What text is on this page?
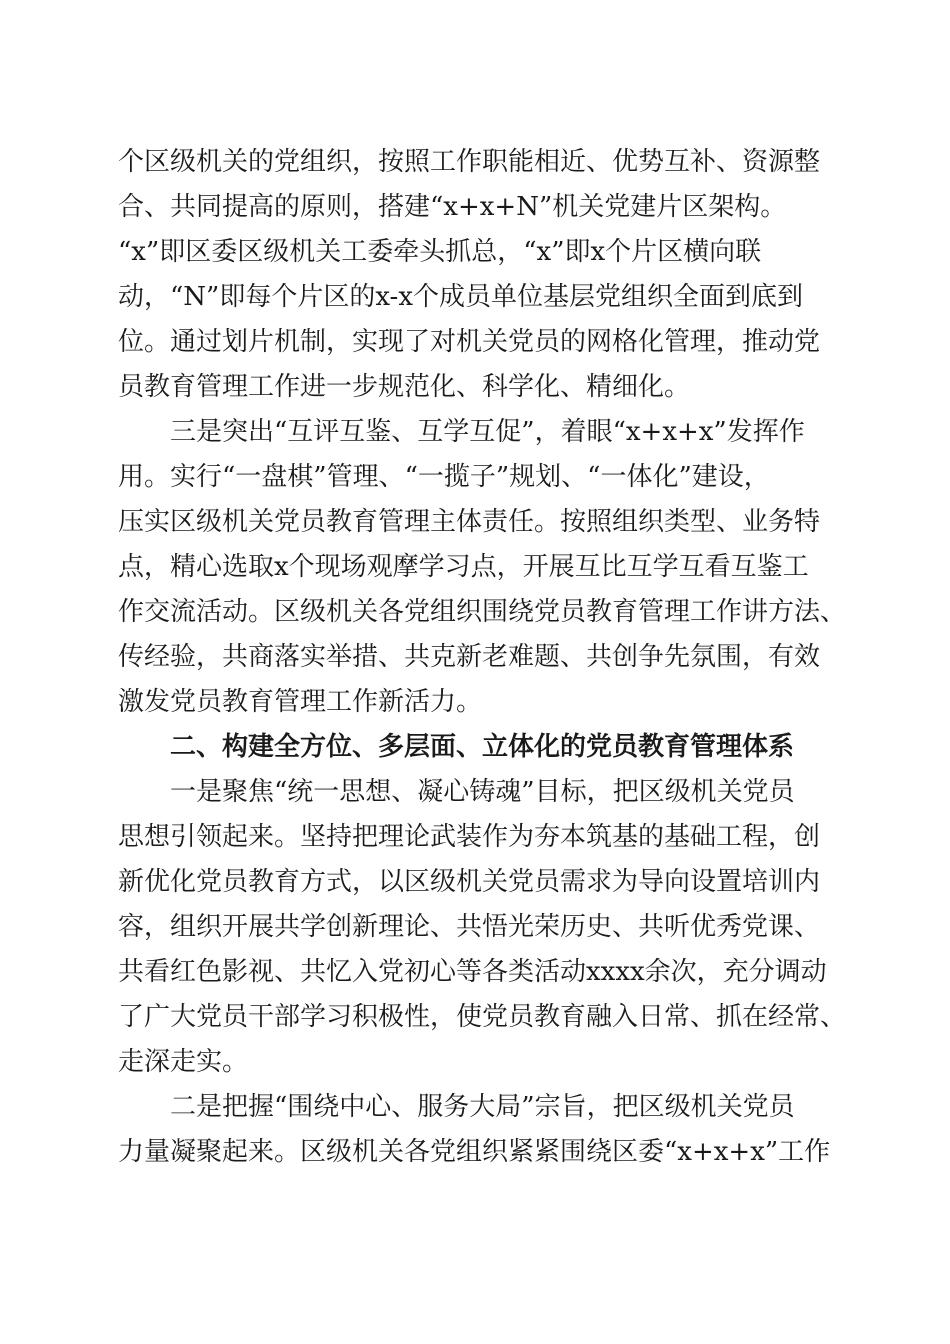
个区级机关的党组织，按照工作职能相近、优势互补、资源整
合、共同提高的原则，搭建“x+x+N”机关党建片区架构。
“x”即区委区级机关工委牵头抓总，“x”即x个片区横向联
动，“N”即每个片区的x-x个成员单位基层党组织全面到底到
位。通过划片机制，实现了对机关党员的网格化管理，推动党
员教育管理工作进一步规范化、科学化、精细化。
三是突出“互评互鉴、互学互促”，着眼“x+x+x”发挥作
用。实行“一盘棋”管理、“一揽子”规划、“一体化”建设，
压实区级机关党员教育管理主体责任。按照组织类型、业务特
点，精心选取x个现场观摩学习点，开展互比互学互看互鉴工
作交流活动。区级机关各党组织围绕党员教育管理工作讲方法、
传经验，共商落实举措、共克新老难题、共创争先氛围，有效
激发党员教育管理工作新活力。
二、构建全方位、多层面、立体化的党员教育管理体系
一是聚焦“统一思想、凝心铸魂”目标，把区级机关党员
思想引领起来。坚持把理论武装作为夯本筑基的基础工程，创
新优化党员教育方式，以区级机关党员需求为导向设置培训内
容，组织开展共学创新理论、共悟光荣历史、共听优秀党课、
共看红色影视、共忆入党初心等各类活动xxxx余次，充分调动
了广大党员干部学习积极性，使党员教育融入日常、抓在经常、
走深走实。
二是把握“围绕中心、服务大局”宗旨，把区级机关党员
力量凝聚起来。区级机关各党组织紧紧围绕区委“x+x+x”工作
